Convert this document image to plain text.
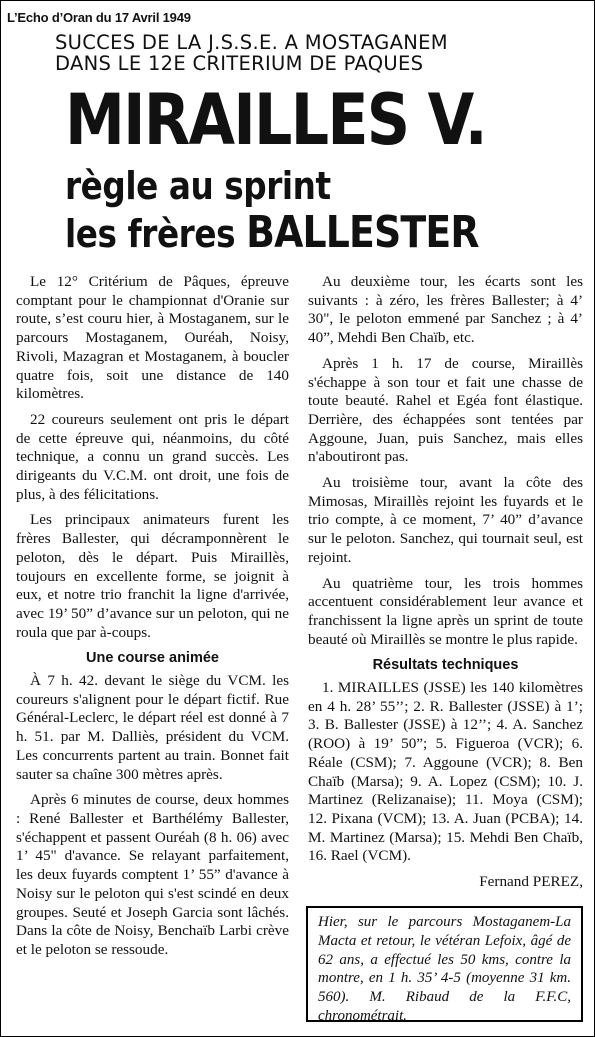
L’Echo d’Oran du 17 Avril 1949
SUCCES DE LA J.S.S.E. A MOSTAGANEM
DANS LE 12E CRITERIUM DE PAQUES
MIRAILLES V.
règle au sprint
les frères BALLESTER

Le 12° Critérium de Pâques, épreuve comptant pour le championnat d'Oranie sur route, s’est couru hier, à Mostaganem, sur le parcours Mostaganem, Ouréah, Noisy, Rivoli, Mazagran et Mostaganem, à boucler quatre fois, soit une distance de 140 kilomètres.

22 coureurs seulement ont pris le départ de cette épreuve qui, néanmoins, du côté technique, a connu un grand succès. Les dirigeants du V.C.M. ont droit, une fois de plus, à des félicitations.

Les principaux animateurs furent les frères Ballester, qui décramponnèrent le peloton, dès le départ. Puis Miraillès, toujours en excellente forme, se joignit à eux, et notre trio franchit la ligne d'arrivée, avec 19’ 50” d’avance sur un peloton, qui ne roula que par à-coups.

Une course animée

À 7 h. 42. devant le siège du VCM. les coureurs s'alignent pour le départ fictif. Rue Général-Leclerc, le départ réel est donné à 7 h. 51. par M. Dalliès, président du VCM. Les concurrents partent au train. Bonnet fait sauter sa chaîne 300 mètres après.

Après 6 minutes de course, deux hommes : René Ballester et Barthélémy Ballester, s'échappent et passent Ouréah (8 h. 06) avec 1’ 45" d'avance. Se relayant parfaitement, les deux fuyards comptent 1’ 55” d'avance à Noisy sur le peloton qui s'est scindé en deux groupes. Seuté et Joseph Garcia sont lâchés. Dans la côte de Noisy, Benchaïb Larbi crève et le peloton se ressoude.

Au deuxième tour, les écarts sont les suivants : à zéro, les frères Ballester; à 4’ 30", le peloton emmené par Sanchez ; à 4’ 40”, Mehdi Ben Chaïb, etc.

Après 1 h. 17 de course, Miraillès s'échappe à son tour et fait une chasse de toute beauté. Rahel et Egéa font élastique. Derrière, des échappées sont tentées par Aggoune, Juan, puis Sanchez, mais elles n'aboutiront pas.

Au troisième tour, avant la côte des Mimosas, Miraillès rejoint les fuyards et le trio compte, à ce moment, 7’ 40” d’avance sur le peloton. Sanchez, qui tournait seul, est rejoint.

Au quatrième tour, les trois hommes accentuent considérablement leur avance et franchissent la ligne après un sprint de toute beauté où Miraillès se montre le plus rapide.

Résultats techniques

1. MIRAILLES (JSSE) les 140 kilomètres en 4 h. 28’ 55’’; 2. R. Ballester (JSSE) à 1’; 3. B. Ballester (JSSE) à 12’’; 4. A. Sanchez (ROO) à 19’ 50”; 5. Figueroa (VCR); 6. Réale (CSM); 7. Aggoune (VCR); 8. Ben Chaïb (Marsa); 9. A. Lopez (CSM); 10. J. Martinez (Relizanaise); 11. Moya (CSM); 12. Pixana (VCM); 13. A. Juan (PCBA); 14. M. Martinez (Marsa); 15. Mehdi Ben Chaïb, 16. Rael (VCM).

Fernand PEREZ,

Hier, sur le parcours Mostaganem-La Macta et retour, le vétéran Lefoix, âgé de 62 ans, a effectué les 50 kms, contre la montre, en 1 h. 35’ 4-5 (moyenne 31 km. 560). M. Ribaud de la F.F.C, chronométrait.
